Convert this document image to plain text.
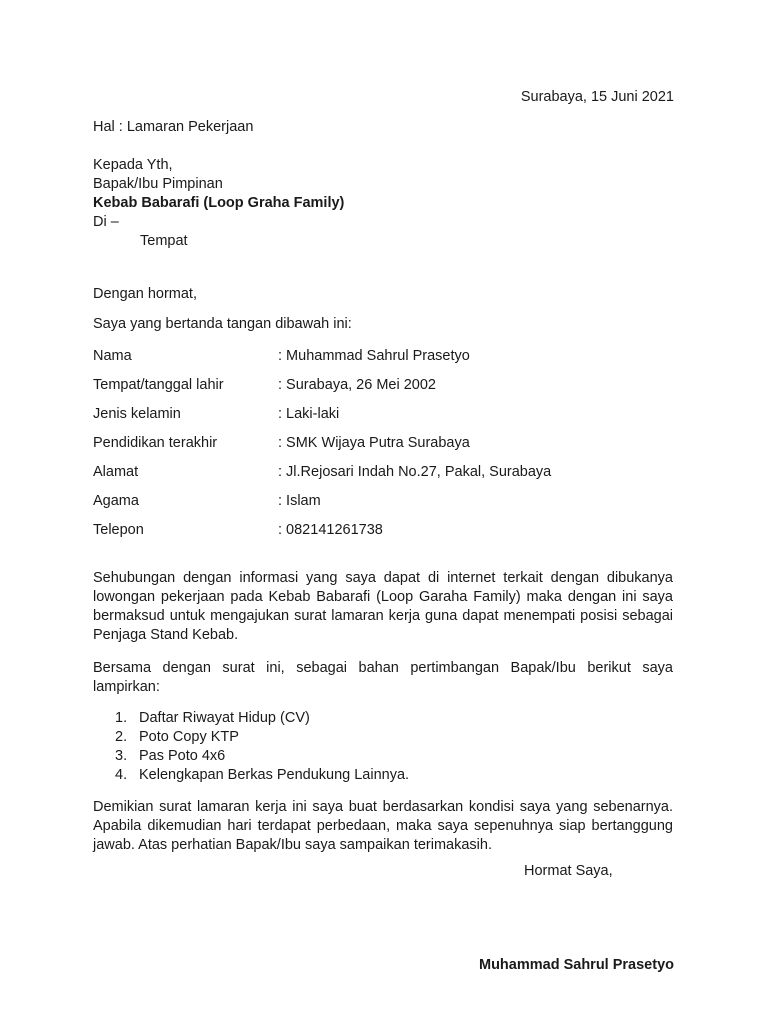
Surabaya, 15 Juni 2021
Hal : Lamaran Pekerjaan
Kepada Yth,
Bapak/Ibu Pimpinan
Kebab Babarafi (Loop Graha Family)
Di –
Tempat
Dengan hormat,
Saya yang bertanda tangan dibawah ini:
Nama	: Muhammad Sahrul Prasetyo
Tempat/tanggal lahir	: Surabaya, 26 Mei 2002
Jenis kelamin	: Laki-laki
Pendidikan terakhir	: SMK Wijaya Putra Surabaya
Alamat	: Jl.Rejosari Indah No.27, Pakal, Surabaya
Agama	: Islam
Telepon	: 082141261738
Sehubungan dengan informasi yang saya dapat di internet terkait dengan dibukanya lowongan pekerjaan pada Kebab Babarafi (Loop Garaha Family) maka dengan ini saya bermaksud untuk mengajukan surat lamaran kerja guna dapat menempati posisi sebagai Penjaga Stand Kebab.
Bersama dengan surat ini, sebagai bahan pertimbangan Bapak/Ibu berikut saya lampirkan:
1. Daftar Riwayat Hidup (CV)
2. Poto Copy KTP
3. Pas Poto 4x6
4. Kelengkapan Berkas Pendukung Lainnya.
Demikian surat lamaran kerja ini saya buat berdasarkan kondisi saya yang sebenarnya. Apabila dikemudian hari terdapat perbedaan, maka saya sepenuhnya siap bertanggung jawab. Atas perhatian Bapak/Ibu saya sampaikan terimakasih.
Hormat Saya,
Muhammad Sahrul Prasetyo
